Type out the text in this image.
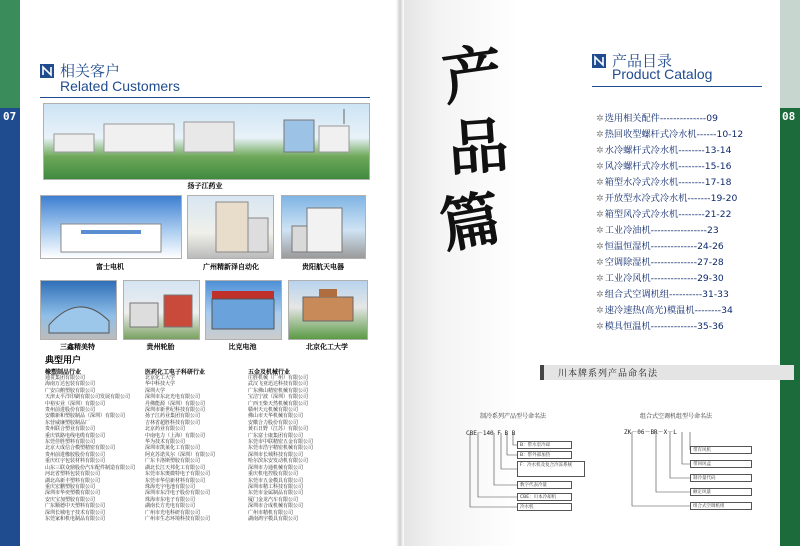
07
相关客户
Related Customers
扬子江药业
富士电机	广州精新泽自动化	贵阳航天电器
三鑫精美特	贵州轮胎	比克电池	北京化工大学
典型用户
橡塑制品行业
通贯集团有限公司
海南万达包装有限公司
广安白鹅塑胶有限公司
天津太平洋印刷有限公司发展有限公司
中裕实业（深圳）有限公司
贵州前进股份有限公司
安徽新和塑胶制品（深圳）有限公司
东营威廉塑胶制品厂
贵州联合塑业有限公司
重庆铁路电线电缆有限公司
东莞佳胜塑料有限公司
北京大成信合模塑精密有限公司
贵州前进橡胶股份有限公司
重庆红宇包装材料有限公司
山东三联众鼎股份汽车配件制造有限公司
河北省塑料包装有限公司
湖北高新丰塑料有限公司
重庆宏鹏塑胶有限公司
深圳市华奕塑模有限公司
安庆宝加塑胶有限公司
广东顺德中天塑料有限公司
深圳长城电子技术有限公司
东莞家和机电制品有限公司
医药化工电子科研行业
北京化工大学
华中科技大学
深圳大学
深圳市东北光电有限公司
丹佛能源（深圳）有限公司
深圳市新世纪科技有限公司
扬子江药业集团有限公司
吉林省超胜科技有限公司
北京药业有限公司
中南电力（上海）有限公司
华为技术有限公司
深圳市凯莱化工有限公司
阿克苏诺贝尔（深圳）有限公司
广东卡洛斯塑胶有限公司
湖北长江天邦化工有限公司
东莞市东奥微特电子有限公司
东莞市华信新材料有限公司
珠海光宇电池有限公司
深圳市东洋电子股份有限公司
珠海市东电子有限公司
湖南长方光电有限公司
广州市光电科研有限公司
广州市生态环境科技有限公司
五金及机械行业
庄胜机械（广州）有限公司
武汉飞亚迅达科技有限公司
广东佛山精密机械有限公司
宝洁宁波（深圳）有限公司
广西玉柴天然机械有限公司
赣州天元机械有限公司
佛山市天华机械有限公司
安徽合力股份有限公司
黄石日野（江苏）有限公司
广东富士康集团有限公司
东莞市中联精密五金有限公司
东莞市浩宇精密机械有限公司
深圳市长城科技有限公司
哈尔滨东安发动机有限公司
深圳市力通机械有限公司
重庆机电控股有限公司
东莞市五金模具有限公司
深圳市精工科技有限公司
东莞市金属制品有限公司
厦门金龙汽车有限公司
深圳市合成机械有限公司
广州市精机有限公司
湖南鸿宇模具有限公司
08
产
品
篇
产品目录
Product Catalog
✲选用相关配件--------------09
✲热回收型螺杆式冷水机------10-12
✲水冷螺杆式冷水机--------13-14
✲风冷螺杆式冷水机--------15-16
✲箱型水冷式冷水机--------17-18
✲开放型水冷式冷水机-------19-20
✲箱型风冷式冷水机--------21-22
✲工业冷油机-----------------23
✲恒温恒湿机--------------24-26
✲空调除湿机--------------27-28
✲工业冷风机--------------29-30
✲组合式空调机组----------31-33
✲速冷速热(高光)模温机--------34
✲模具恒温机--------------35-36
川本牌系列产品命名法
制冷系列产品型号命名法
CBE－140 F B B
B：带水泵冷却
B：带外部加热
F：冷水机及复合冷冻系统
数字代表冷量
CBE：川本冷却机
冷水机
组合式空调机组型号命名法
ZK－06－BR－X－L
带有风机
带回风盒
制冷量代码
额定风量
组合式空调机组
